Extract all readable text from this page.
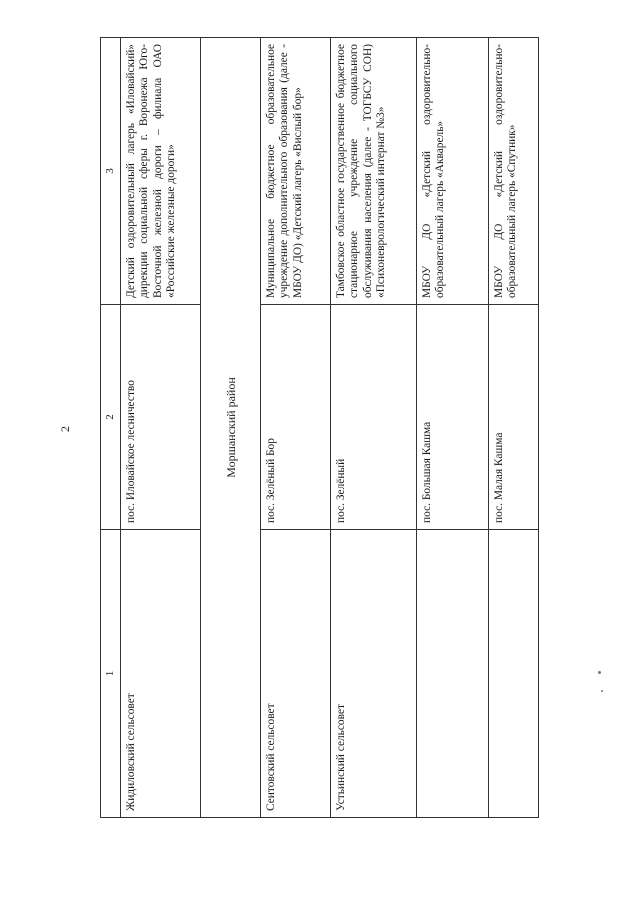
2
1	2	3
Жидиловский сельсовет	пос. Иловайское лесничество	Детский оздоровительный лагерь «Иловайский» дирекции социальной сферы г. Воронежа Юго-Восточной железной дороги – филиала ОАО «Российские железные дороги»
Моршанский район		
Сеитовский сельсовет	пос. Зелёный Бор	Муниципальное бюджетное образовательное учреждение дополнительного образования (далее - МБОУ ДО) «Детский лагерь «Вислый бор»
Устьинский сельсовет	пос. Зелёный	Тамбовское областное государственное бюджетное стационарное учреждение социального обслуживания населения (далее - ТОГБСУ СОН) «Психоневрологический интернат №3»
	пос. Большая Кашма	МБОУ ДО «Детский оздоровительно-образовательный лагерь «Акварель»
	пос. Малая Кашма	МБОУ ДО «Детский оздоровительно-образовательный лагерь «Спутник»
